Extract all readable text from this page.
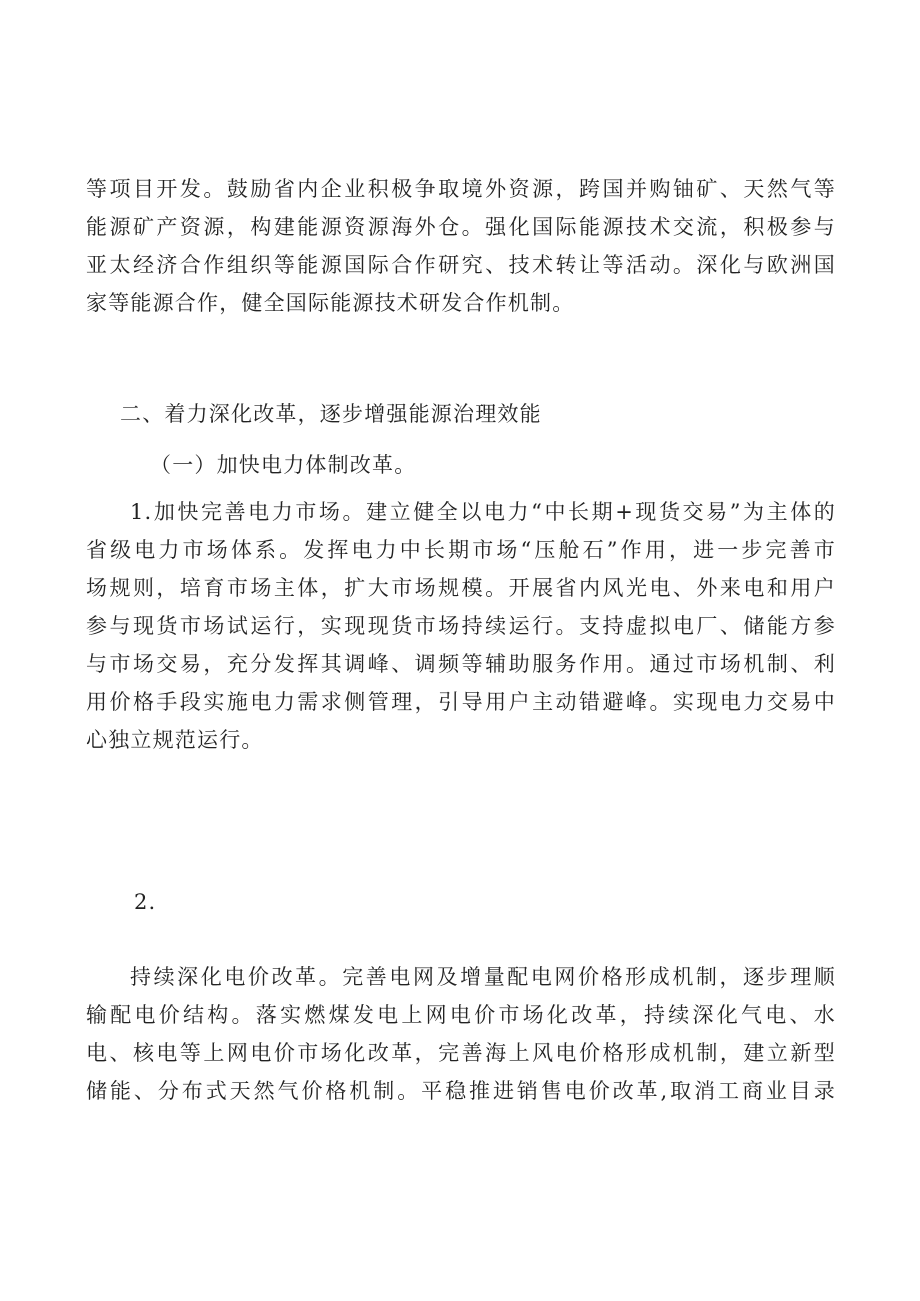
等项目开发。鼓励省内企业积极争取境外资源，跨国并购铀矿、天然气等
能源矿产资源，构建能源资源海外仓。强化国际能源技术交流，积极参与
亚太经济合作组织等能源国际合作研究、技术转让等活动。深化与欧洲国
家等能源合作，健全国际能源技术研发合作机制。
二、着力深化改革，逐步增强能源治理效能
（一）加快电力体制改革。
1.加快完善电力市场。建立健全以电力“中长期+现货交易”为主体的
省级电力市场体系。发挥电力中长期市场“压舱石”作用，进一步完善市
场规则，培育市场主体，扩大市场规模。开展省内风光电、外来电和用户
参与现货市场试运行，实现现货市场持续运行。支持虚拟电厂、储能方参
与市场交易，充分发挥其调峰、调频等辅助服务作用。通过市场机制、利
用价格手段实施电力需求侧管理，引导用户主动错避峰。实现电力交易中
心独立规范运行。
2.
持续深化电价改革。完善电网及增量配电网价格形成机制，逐步理顺
输配电价结构。落实燃煤发电上网电价市场化改革，持续深化气电、水
电、核电等上网电价市场化改革，完善海上风电价格形成机制，建立新型
储能、分布式天然气价格机制。平稳推进销售电价改革,取消工商业目录
